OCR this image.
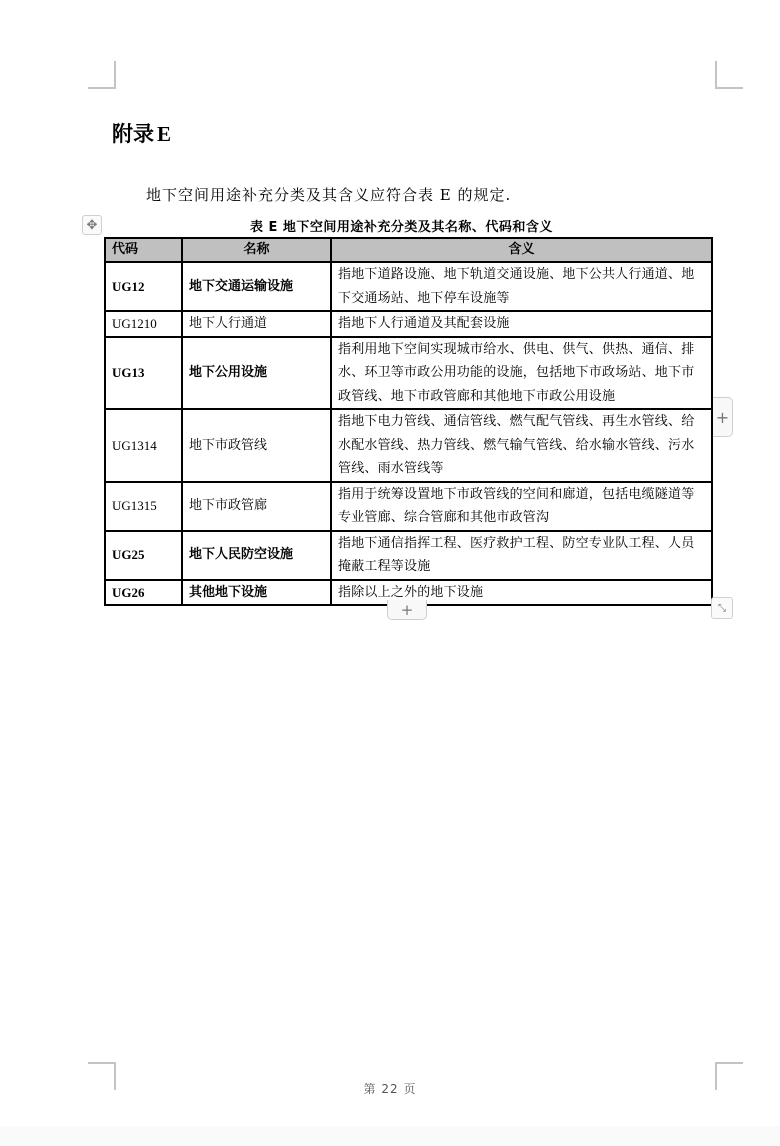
附录 E
地下空间用途补充分类及其含义应符合表 E 的规定.
✥	表 E 地下空间用途补充分类及其名称、代码和含义
代码	名称	含义
UG12	地下交通运输设施	指地下道路设施、地下轨道交通设施、地下公共人行通道、地下交通场站、地下停车设施等
UG1210	地下人行通道	指地下人行通道及其配套设施
UG13	地下公用设施	指利用地下空间实现城市给水、供电、供气、供热、通信、排水、环卫等市政公用功能的设施，包括地下市政场站、地下市政管线、地下市政管廊和其他地下市政公用设施
UG1314	地下市政管线	指地下电力管线、通信管线、燃气配气管线、再生水管线、给水配水管线、热力管线、燃气输气管线、给水输水管线、污水管线、雨水管线等
UG1315	地下市政管廊	指用于统筹设置地下市政管线的空间和廊道，包括电缆隧道等专业管廊、综合管廊和其他市政管沟
UG25	地下人民防空设施	指地下通信指挥工程、医疗救护工程、防空专业队工程、人员掩蔽工程等设施
UG26	其他地下设施	指除以上之外的地下设施
+
+	⤡
第 22 页
